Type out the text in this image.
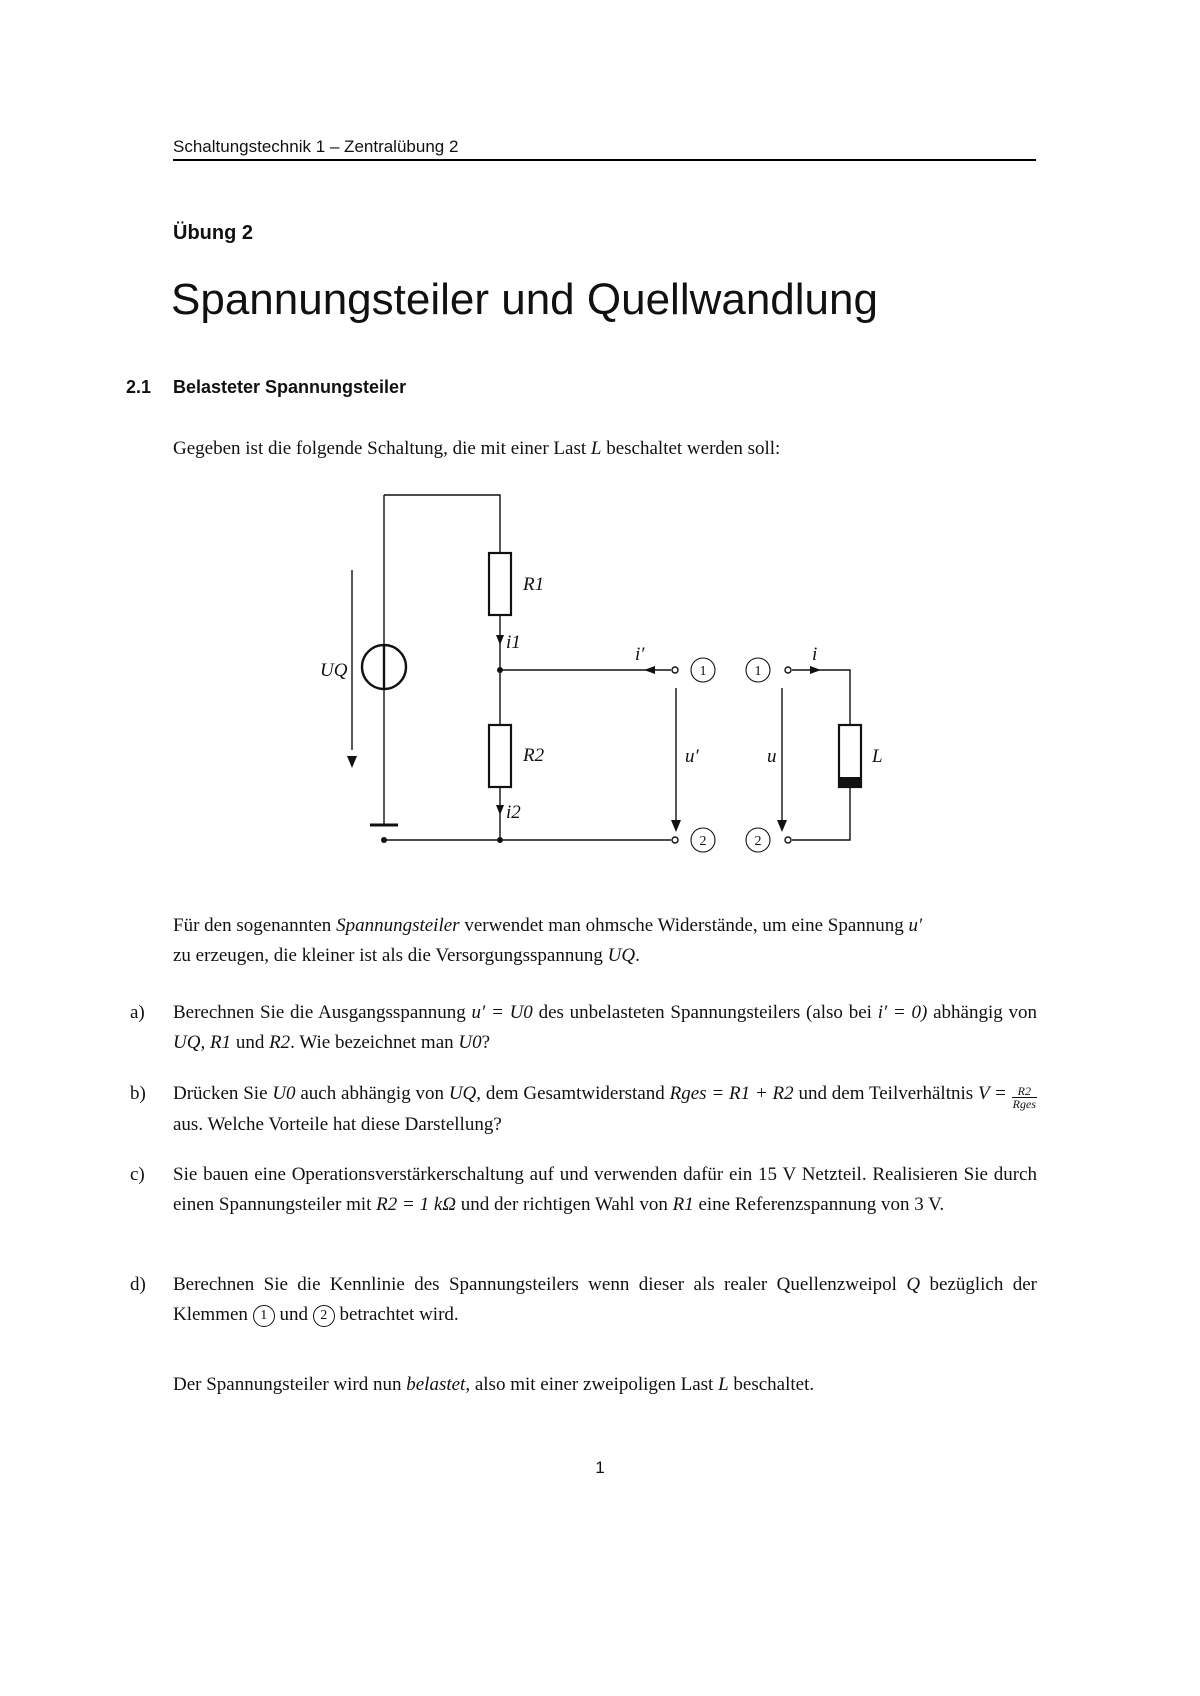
Schaltungstechnik 1 – Zentralübung 2
Übung 2
Spannungsteiler und Quellwandlung
2.1 Belasteter Spannungsteiler
Gegeben ist die folgende Schaltung, die mit einer Last L beschaltet werden soll:
UQ
R1
R2
i1
i2
i′	i
u′	u	L
1
2
1
2
Für den sogenannten Spannungsteiler verwendet man ohmsche Widerstände, um eine Spannung u′
zu erzeugen, die kleiner ist als die Versorgungsspannung UQ.
a)	Berechnen Sie die Ausgangsspannung u′ = U0 des unbelasteten Spannungsteilers (also bei i′ = 0) abhängig von UQ, R1 und R2. Wie bezeichnet man U0?
b)	Drücken Sie U0 auch abhängig von UQ, dem Gesamtwiderstand Rges = R1 + R2 und dem Teilverhältnis $V = \frac{R2}{\text{Rges}}$
aus. Welche Vorteile hat diese Darstellung?
c)	Sie bauen eine Operationsverstärkerschaltung auf und verwenden dafür ein 15 V Netzteil. Realisieren Sie durch einen Spannungsteiler mit R2 = 1 kΩ und der richtigen Wahl von R1 eine Referenzspannung von 3 V.
d)	Berechnen Sie die Kennlinie des Spannungsteilers wenn dieser als realer Quellenzweipol Q bezüglich der Klemmen 1 und 2 betrachtet wird.
Der Spannungsteiler wird nun belastet, also mit einer zweipoligen Last L beschaltet.
1
